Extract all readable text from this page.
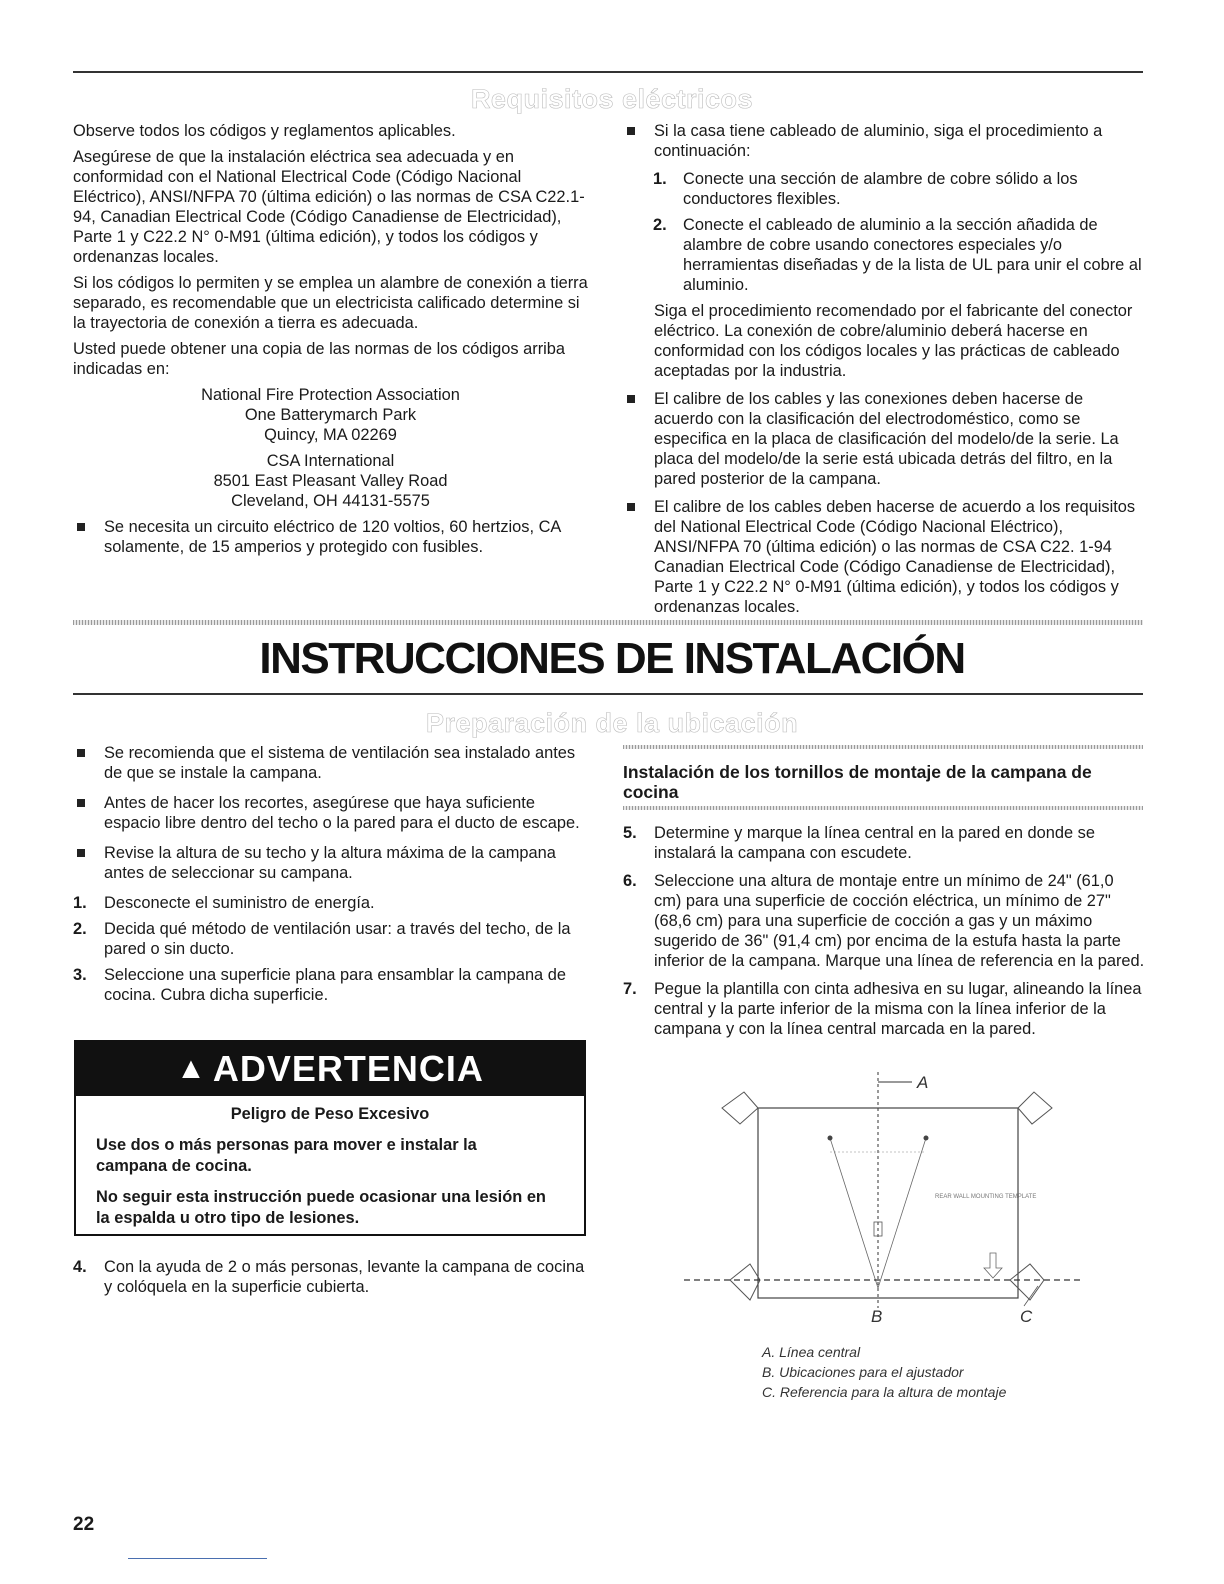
Requisitos eléctricos

Observe todos los códigos y reglamentos aplicables.

Asegúrese de que la instalación eléctrica sea adecuada y en conformidad con el National Electrical Code (Código Nacional Eléctrico), ANSI/NFPA 70 (última edición) o las normas de CSA C22.1-94, Canadian Electrical Code (Código Canadiense de Electricidad), Parte 1 y C22.2 N° 0-M91 (última edición), y todos los códigos y ordenanzas locales.

Si los códigos lo permiten y se emplea un alambre de conexión a tierra separado, es recomendable que un electricista calificado determine si la trayectoria de conexión a tierra es adecuada.

Usted puede obtener una copia de las normas de los códigos arriba indicadas en:

National Fire Protection Association
One Batterymarch Park
Quincy, MA 02269
CSA International
8501 East Pleasant Valley Road
Cleveland, OH 44131-5575
Se necesita un circuito eléctrico de 120 voltios, 60 hertzios, CA solamente, de 15 amperios y protegido con fusibles.
Si la casa tiene cableado de aluminio, siga el procedimiento a continuación:
1. Conecte una sección de alambre de cobre sólido a los conductores flexibles.
2. Conecte el cableado de aluminio a la sección añadida de alambre de cobre usando conectores especiales y/o herramientas diseñadas y de la lista de UL para unir el cobre al aluminio.

Siga el procedimiento recomendado por el fabricante del conector eléctrico. La conexión de cobre/aluminio deberá hacerse en conformidad con los códigos locales y las prácticas de cableado aceptadas por la industria.

El calibre de los cables y las conexiones deben hacerse de acuerdo con la clasificación del electrodoméstico, como se especifica en la placa de clasificación del modelo/de la serie. La placa del modelo/de la serie está ubicada detrás del filtro, en la pared posterior de la campana.
El calibre de los cables deben hacerse de acuerdo a los requisitos del National Electrical Code (Código Nacional Eléctrico), ANSI/NFPA 70 (última edición) o las normas de CSA C22. 1-94 Canadian Electrical Code (Código Canadiense de Electricidad), Parte 1 y C22.2 N° 0-M91 (última edición), y todos los códigos y ordenanzas locales.
INSTRUCCIONES DE INSTALACIÓN
Preparación de la ubicación
Se recomienda que el sistema de ventilación sea instalado antes de que se instale la campana.
Antes de hacer los recortes, asegúrese que haya suficiente espacio libre dentro del techo o la pared para el ducto de escape.
Revise la altura de su techo y la altura máxima de la campana antes de seleccionar su campana.
1. Desconecte el suministro de energía.
2. Decida qué método de ventilación usar: a través del techo, de la pared o sin ducto.
3. Seleccione una superficie plana para ensamblar la campana de cocina. Cubra dicha superficie.
▲ ADVERTENCIA

Peligro de Peso Excesivo

Use dos o más personas para mover e instalar la campana de cocina.

No seguir esta instrucción puede ocasionar una lesión en la espalda u otro tipo de lesiones.

4. Con la ayuda de 2 o más personas, levante la campana de cocina y colóquela en la superficie cubierta.
Instalación de los tornillos de montaje de la campana de cocina
5. Determine y marque la línea central en la pared en donde se instalará la campana con escudete.
6. Seleccione una altura de montaje entre un mínimo de 24" (61,0 cm) para una superficie de cocción eléctrica, un mínimo de 27" (68,6 cm) para una superficie de cocción a gas y un máximo sugerido de 36" (91,4 cm) por encima de la estufa hasta la parte inferior de la campana. Marque una línea de referencia en la pared.
7. Pegue la plantilla con cinta adhesiva en su lugar, alineando la línea central y la parte inferior de la misma con la línea inferior de la campana y con la línea central marcada en la pared.
A
REAR WALL MOUNTING TEMPLATE
B	C
A. Línea central
B. Ubicaciones para el ajustador
C. Referencia para la altura de montaje
22
